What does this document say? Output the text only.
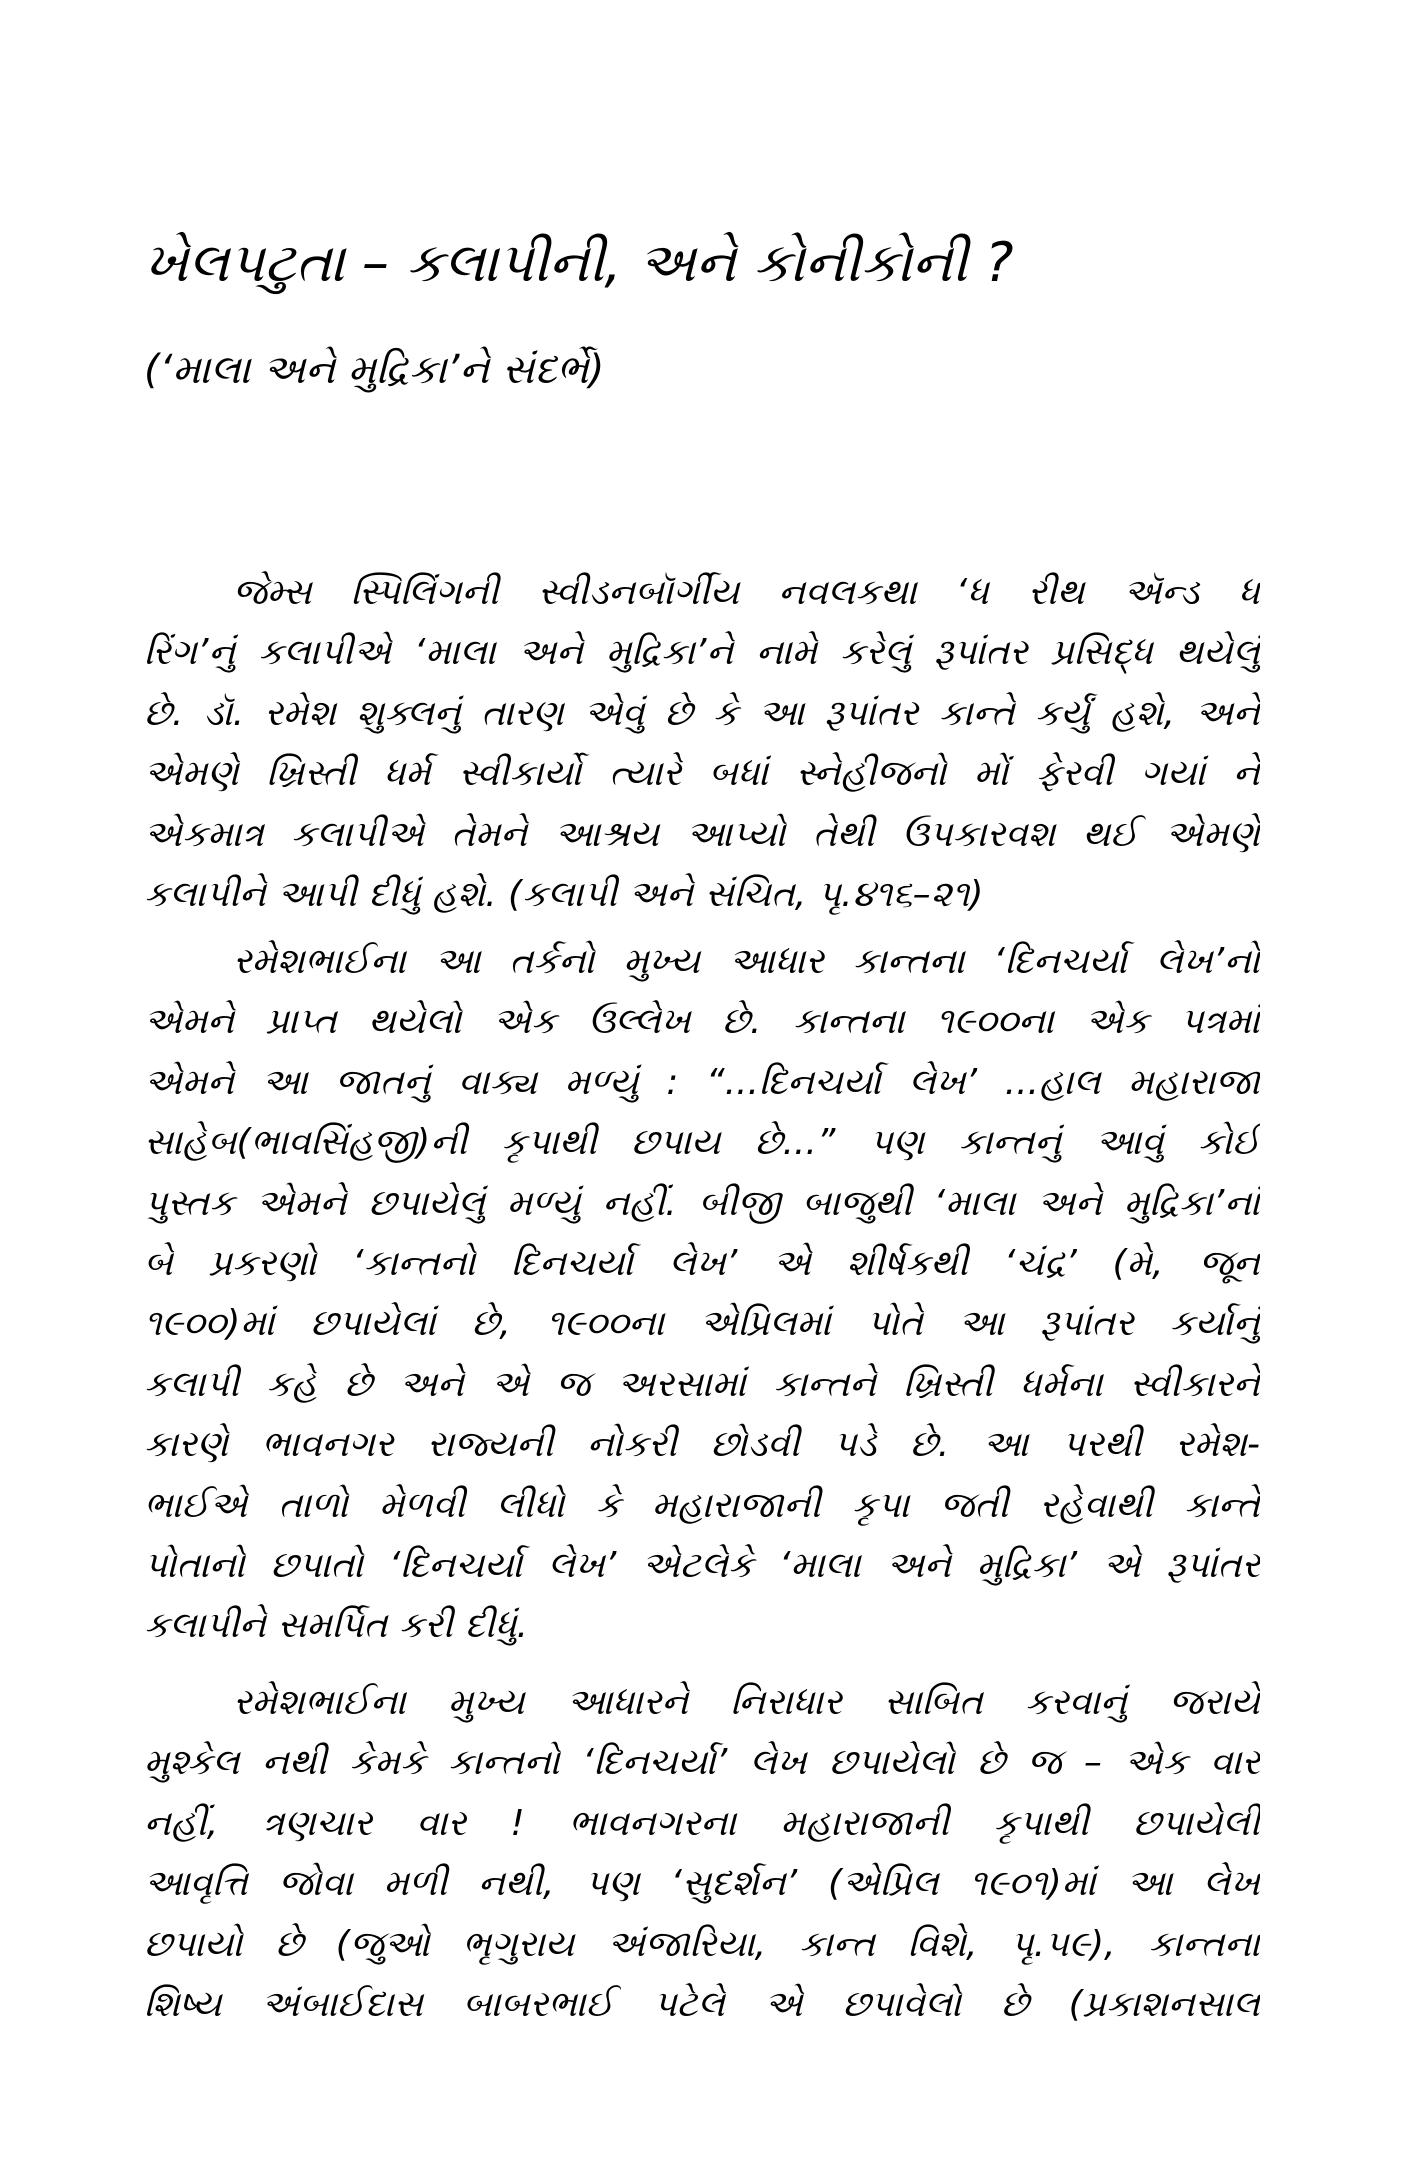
ખેલપટુતા – કલાપીની, અને કોનીકોની ?
(‘માલા અને મુદ્રિકા’ને સંદર્ભે)
જેમ્સ સ્પિલિંગની સ્વીડનબૉર્ગીય નવલકથા ‘ધ રીથ ઍન્ડ ધ
રિંગ’નું કલાપીએ ‘માલા અને મુદ્રિકા’ને નામે કરેલું રૂપાંતર પ્રસિદ્ધ થયેલું
છે. ડૉ. રમેશ શુક્લનું તારણ એવું છે કે આ રૂપાંતર કાન્તે કર્યું હશે, અને
એમણે ખ્રિસ્તી ધર્મ સ્વીકાર્યો ત્યારે બધાં સ્નેહીજનો મોં ફેરવી ગયાં ને
એકમાત્ર કલાપીએ તેમને આશ્રય આપ્યો તેથી ઉપકારવશ થઈ એમણે
કલાપીને આપી દીધું હશે. (કલાપી અને સંચિત, પૃ.૪૧૬–૨૧)
રમેશભાઈના આ તર્કનો મુખ્ય આધાર કાન્તના ‘દિનચર્યા લેખ’નો
એમને પ્રાપ્ત થયેલો એક ઉલ્લેખ છે. કાન્તના ૧૯૦૦ના એક પત્રમાં
એમને આ જાતનું વાક્ય મળ્યું : “...દિનચર્યા લેખ’ ...હાલ મહારાજા
સાહેબ(ભાવસિંહજી)ની કૃપાથી છપાય છે...” પણ કાન્તનું આવું કોઈ
પુસ્તક એમને છપાયેલું મળ્યું નહીં. બીજી બાજુથી ‘માલા અને મુદ્રિકા’નાં
બે પ્રકરણો ‘કાન્તનો દિનચર્યા લેખ’ એ શીર્ષકથી ‘ચંદ્ર’ (મે, જૂન
૧૯૦૦)માં છપાયેલાં છે, ૧૯૦૦ના એપ્રિલમાં પોતે આ રૂપાંતર કર્યાનું
કલાપી કહે છે અને એ જ અરસામાં કાન્તને ખ્રિસ્તી ધર્મના સ્વીકારને
કારણે ભાવનગર રાજ્યની નોકરી છોડવી પડે છે. આ પરથી રમેશ-
ભાઈએ તાળો મેળવી લીધો કે મહારાજાની કૃપા જતી રહેવાથી કાન્તે
પોતાનો છપાતો ‘દિનચર્યા લેખ’ એટલેકે ‘માલા અને મુદ્રિકા’ એ રૂપાંતર
કલાપીને સમર્પિત કરી દીધું.
રમેશભાઈના મુખ્ય આધારને નિરાધાર સાબિત કરવાનું જરાયે
મુશ્કેલ નથી કેમકે કાન્તનો ‘દિનચર્યા’ લેખ છપાયેલો છે જ – એક વાર
નહીં, ત્રણચાર વાર ! ભાવનગરના મહારાજાની કૃપાથી છપાયેલી
આવૃત્તિ જોવા મળી નથી, પણ ‘સુદર્શન’ (એપ્રિલ ૧૯૦૧)માં આ લેખ
છપાયો છે (જુઓ ભૃગુરાય અંજારિયા, કાન્ત વિશે, પૃ.૫૯), કાન્તના
શિષ્ય અંબાઈદાસ બાબરભાઈ પટેલે એ છપાવેલો છે (પ્રકાશનસાલ
